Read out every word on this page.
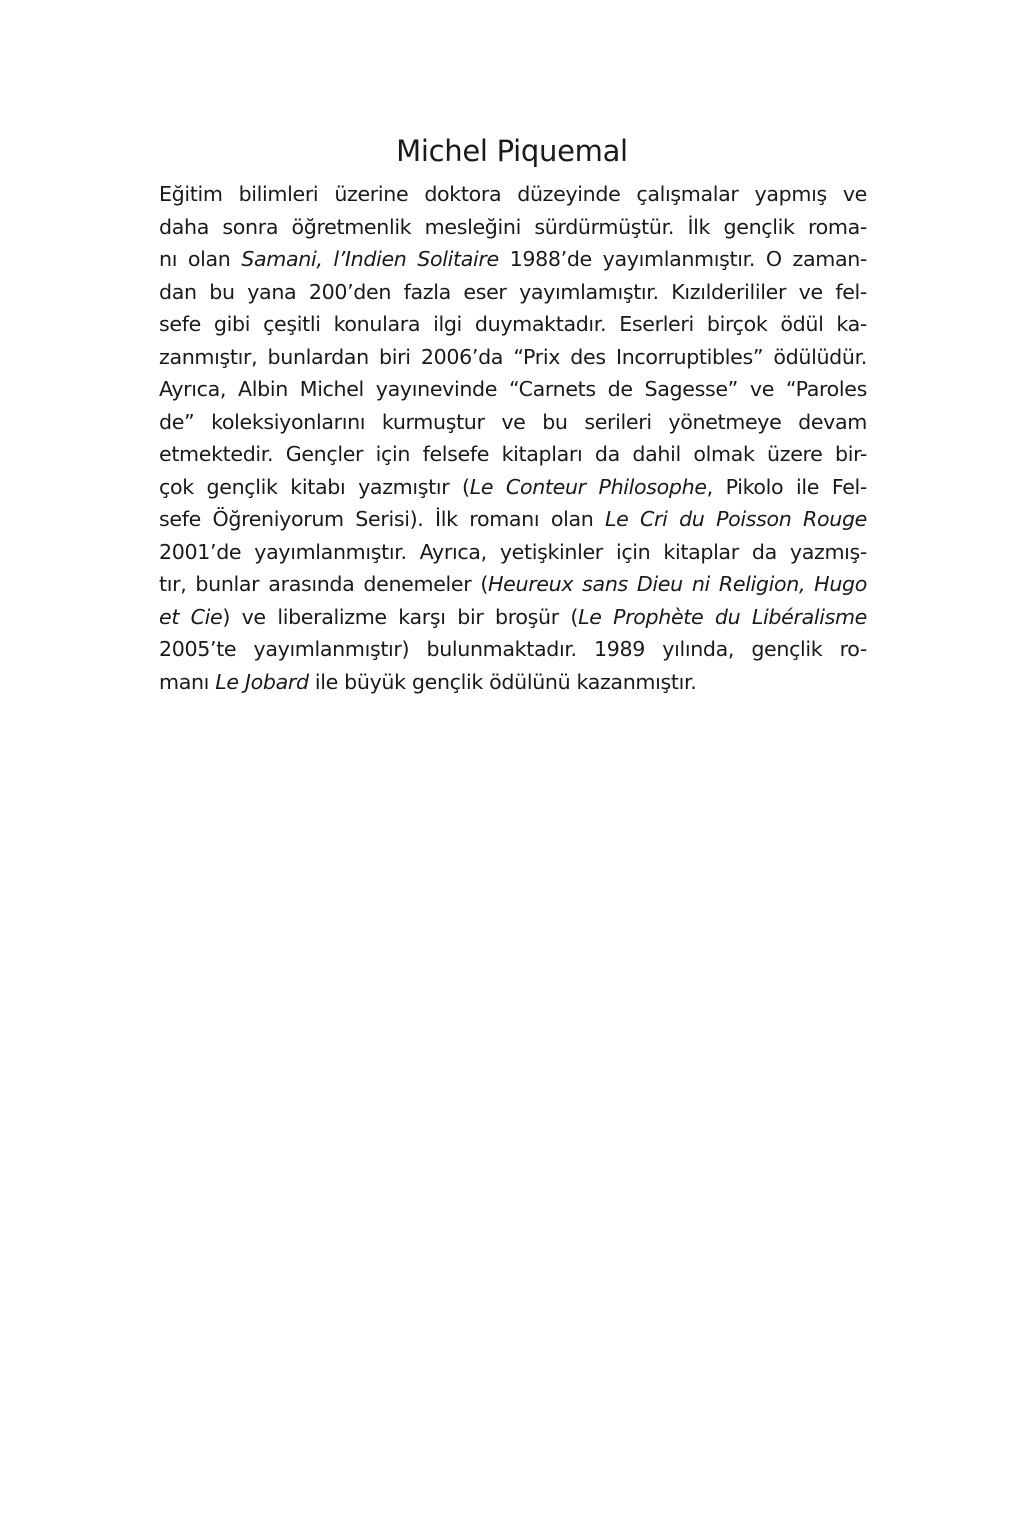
Michel Piquemal
Eğitim bilimleri üzerine doktora düzeyinde çalışmalar yapmış ve
daha sonra öğretmenlik mesleğini sürdürmüştür. İlk gençlik roma-
nı olan Samani, l’Indien Solitaire 1988’de yayımlanmıştır. O zaman-
dan bu yana 200’den fazla eser yayımlamıştır. Kızılderililer ve fel-
sefe gibi çeşitli konulara ilgi duymaktadır. Eserleri birçok ödül ka-
zanmıştır, bunlardan biri 2006’da “Prix des Incorruptibles” ödülüdür.
Ayrıca, Albin Michel yayınevinde “Carnets de Sagesse” ve “Paroles
de” koleksiyonlarını kurmuştur ve bu serileri yönetmeye devam
etmektedir. Gençler için felsefe kitapları da dahil olmak üzere bir-
çok gençlik kitabı yazmıştır (Le Conteur Philosophe, Pikolo ile Fel-
sefe Öğreniyorum Serisi). İlk romanı olan Le Cri du Poisson Rouge
2001’de yayımlanmıştır. Ayrıca, yetişkinler için kitaplar da yazmış-
tır, bunlar arasında denemeler (Heureux sans Dieu ni Religion, Hugo
et Cie) ve liberalizme karşı bir broşür (Le Prophète du Libéralisme
2005’te yayımlanmıştır) bulunmaktadır. 1989 yılında, gençlik ro-
manı Le Jobard ile büyük gençlik ödülünü kazanmıştır.
